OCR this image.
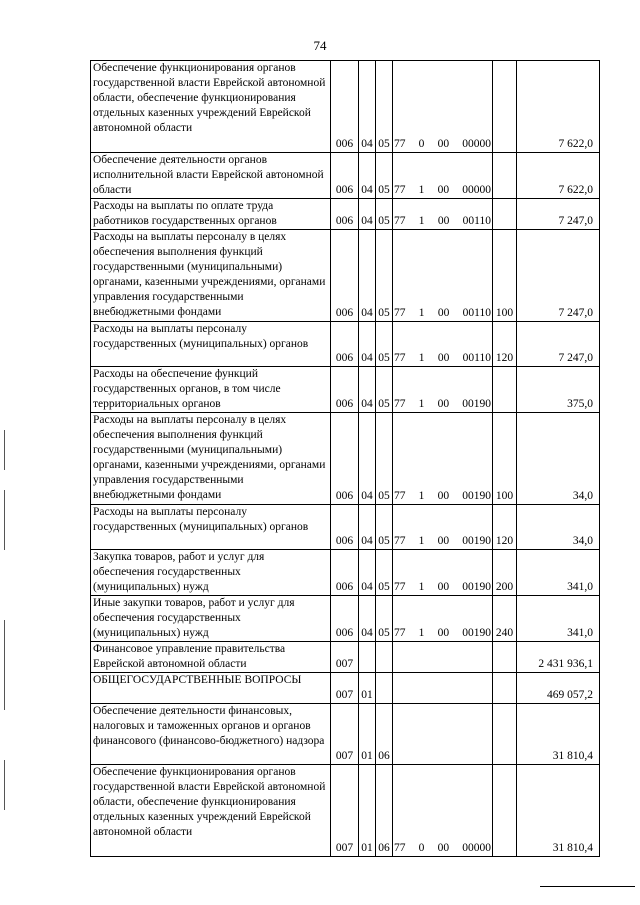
74
Обеспечение функционирования органов государственной власти Еврейской автономной области, обеспечение функционирования отдельных казенных учреждений Еврейской автономной области	006	04	05	77 0 00 00000		7 622,0
Обеспечение деятельности органов исполнительной власти Еврейской автономной области	006	04	05	77 1 00 00000		7 622,0
Расходы на выплаты по оплате труда работников государственных органов	006	04	05	77 1 00 00110		7 247,0
Расходы на выплаты персоналу в целях обеспечения выполнения функций государственными (муниципальными) органами, казенными учреждениями, органами управления государственными внебюджетными фондами	006	04	05	77 1 00 00110	100	7 247,0
Расходы на выплаты персоналу государственных (муниципальных) органов	006	04	05	77 1 00 00110	120	7 247,0
Расходы на обеспечение функций государственных органов, в том числе территориальных органов	006	04	05	77 1 00 00190		375,0
Расходы на выплаты персоналу в целях обеспечения выполнения функций государственными (муниципальными) органами, казенными учреждениями, органами управления государственными внебюджетными фондами	006	04	05	77 1 00 00190	100	34,0
Расходы на выплаты персоналу государственных (муниципальных) органов	006	04	05	77 1 00 00190	120	34,0
Закупка товаров, работ и услуг для обеспечения государственных (муниципальных) нужд	006	04	05	77 1 00 00190	200	341,0
Иные закупки товаров, работ и услуг для обеспечения государственных (муниципальных) нужд	006	04	05	77 1 00 00190	240	341,0
Финансовое управление правительства Еврейской автономной области	007					2 431 936,1
ОБЩЕГОСУДАРСТВЕННЫЕ ВОПРОСЫ	007	01				469 057,2
Обеспечение деятельности финансовых, налоговых и таможенных органов и органов финансового (финансово-бюджетного) надзора	007	01	06			31 810,4
Обеспечение функционирования органов государственной власти Еврейской автономной области, обеспечение функционирования отдельных казенных учреждений Еврейской автономной области	007	01	06	77 0 00 00000		31 810,4
